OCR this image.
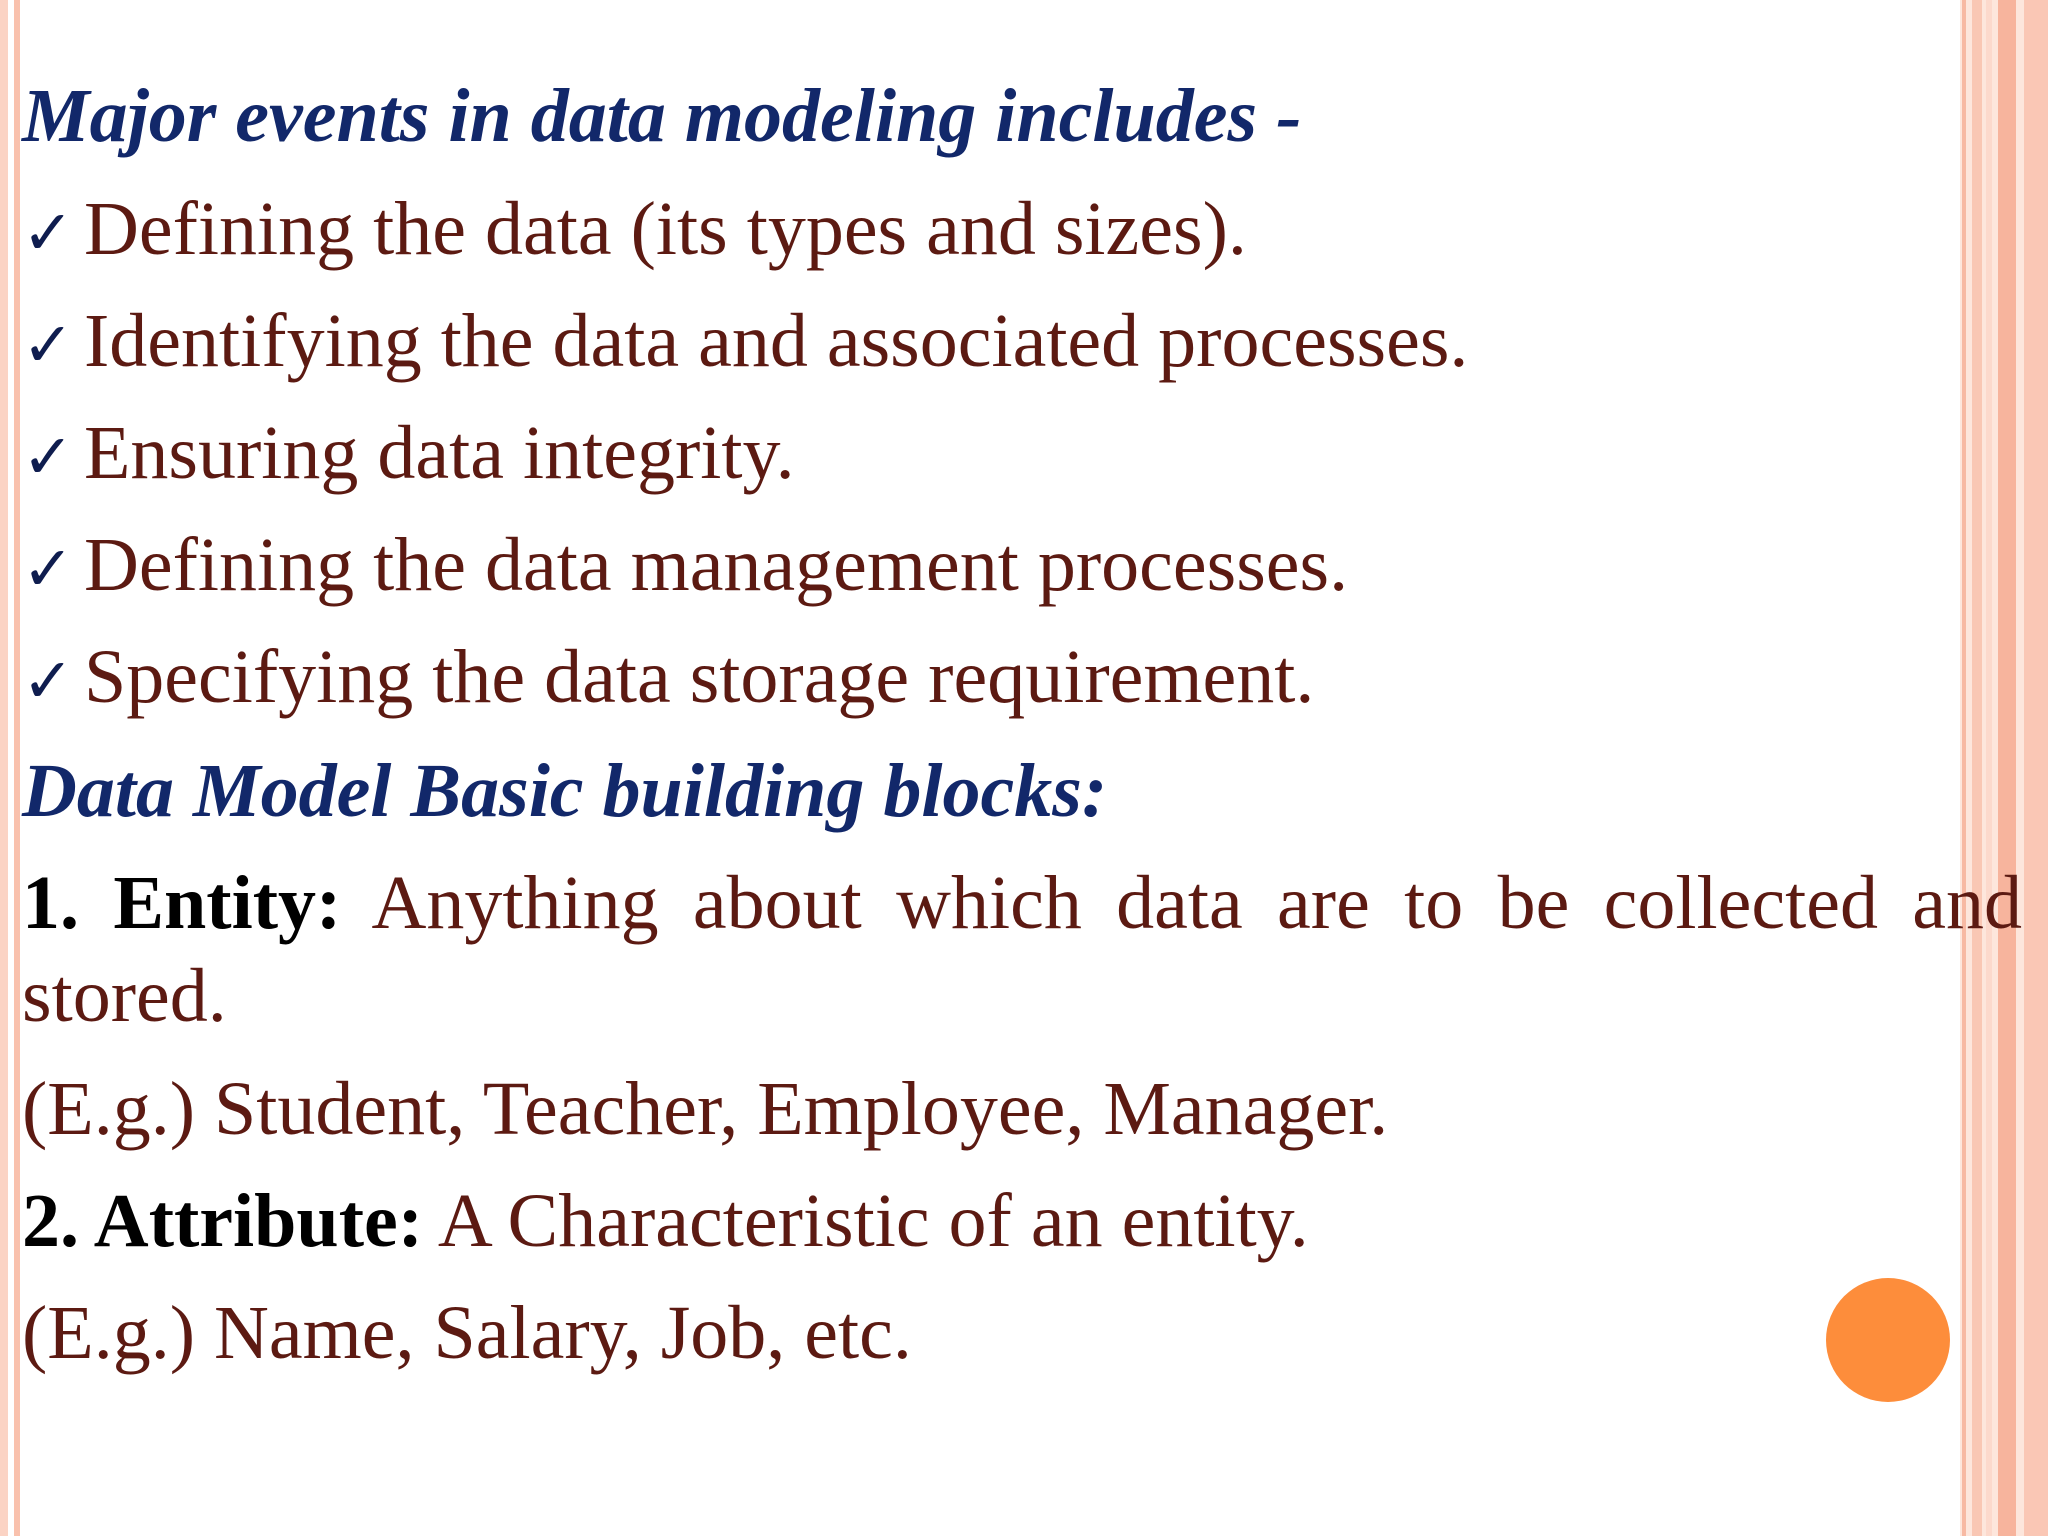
Major events in data modeling includes -
✓ Defining the data (its types and sizes).
✓ Identifying the data and associated processes.
✓ Ensuring data integrity.
✓ Defining the data management processes.
✓ Specifying the data storage requirement.
Data Model Basic building blocks:
1. Entity: Anything about which data are to be collected and
stored.
(E.g.) Student, Teacher, Employee, Manager.
2. Attribute: A Characteristic of an entity.
(E.g.) Name, Salary, Job, etc.
